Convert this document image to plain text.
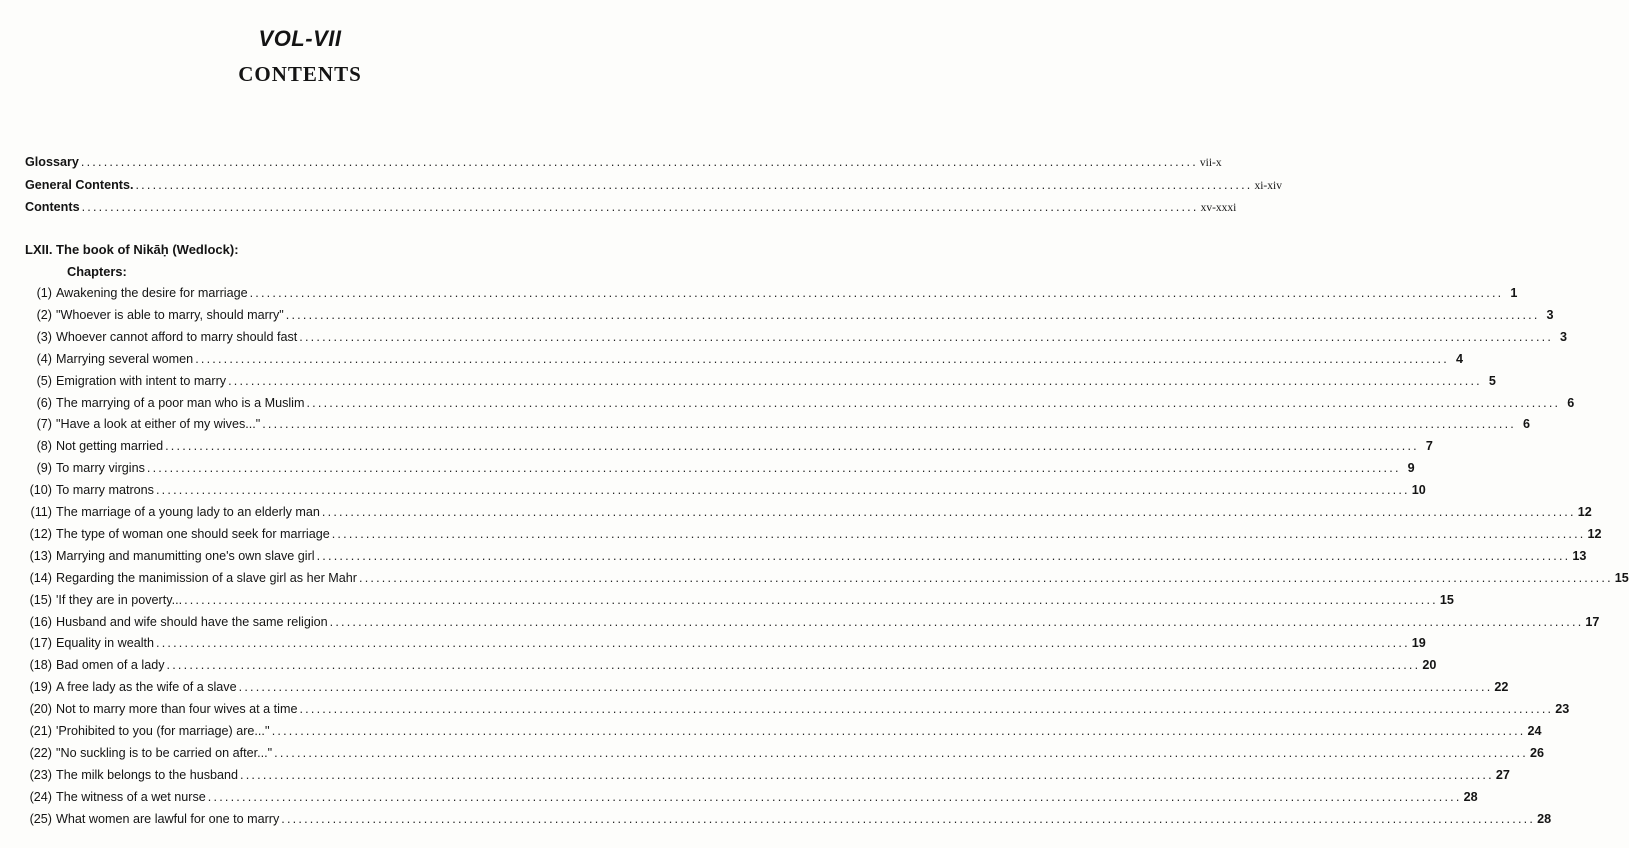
VOL-VII
CONTENTS
Glossary .................................................................................................................................................................................................... vii-x
General Contents. .................................................................................................................................................................................................... xi-xiv
Contents .................................................................................................................................................................................................... xv-xxxi
LXII. The book of Nikāḥ (Wedlock):
Chapters:
(1) Awakening the desire for marriage ............................................................................................................................................................................................................................ 1
(2) "Whoever is able to marry, should marry" ............................................................................................................................................................................................................................ 3
(3) Whoever cannot afford to marry should fast ............................................................................................................................................................................................................................ 3
(4) Marrying several women ............................................................................................................................................................................................................................ 4
(5) Emigration with intent to marry ............................................................................................................................................................................................................................ 5
(6) The marrying of a poor man who is a Muslim ............................................................................................................................................................................................................................ 6
(7) "Have a look at either of my wives..." ............................................................................................................................................................................................................................ 6
(8) Not getting married ............................................................................................................................................................................................................................ 7
(9) To marry virgins ............................................................................................................................................................................................................................ 9
(10) To marry matrons ............................................................................................................................................................................................................................ 10
(11) The marriage of a young lady to an elderly man ............................................................................................................................................................................................................................ 12
(12) The type of woman one should seek for marriage ............................................................................................................................................................................................................................ 12
(13) Marrying and manumitting one's own slave girl ............................................................................................................................................................................................................................ 13
(14) Regarding the manimission of a slave girl as her Mahr ............................................................................................................................................................................................................................ 15
(15) 'If they are in poverty... ............................................................................................................................................................................................................................ 15
(16) Husband and wife should have the same religion ............................................................................................................................................................................................................................ 17
(17) Equality in wealth ............................................................................................................................................................................................................................ 19
(18) Bad omen of a lady ............................................................................................................................................................................................................................ 20
(19) A free lady as the wife of a slave ............................................................................................................................................................................................................................ 22
(20) Not to marry more than four wives at a time ............................................................................................................................................................................................................................ 23
(21) 'Prohibited to you (for marriage) are...'' ............................................................................................................................................................................................................................ 24
(22) "No suckling is to be carried on after..." ............................................................................................................................................................................................................................ 26
(23) The milk belongs to the husband ............................................................................................................................................................................................................................ 27
(24) The witness of a wet nurse ............................................................................................................................................................................................................................ 28
(25) What women are lawful for one to marry ............................................................................................................................................................................................................................ 28
